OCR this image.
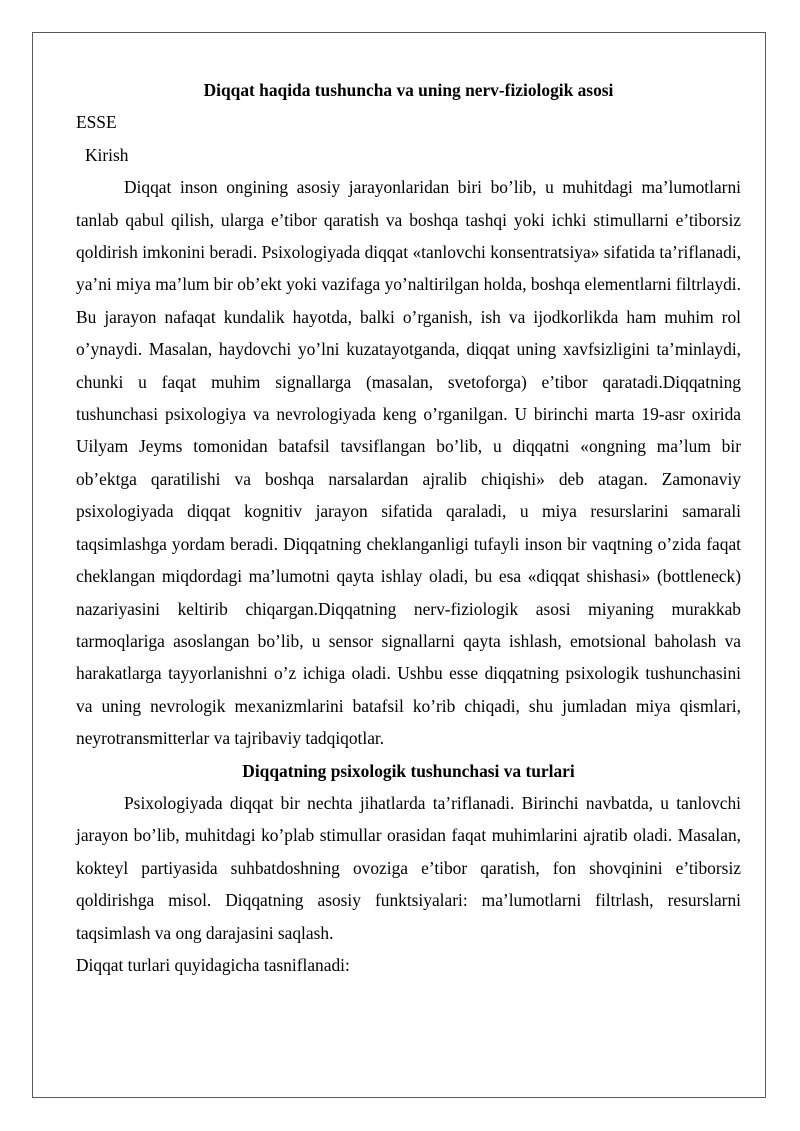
Diqqat haqida tushuncha va uning nerv-fiziologik asosi

ESSE

Kirish

Diqqat inson ongining asosiy jarayonlaridan biri bo’lib, u muhitdagi ma’lumotlarni tanlab qabul qilish, ularga e’tibor qaratish va boshqa tashqi yoki ichki stimullarni e’tiborsiz qoldirish imkonini beradi. Psixologiyada diqqat «tanlovchi konsentratsiya» sifatida ta’riflanadi, ya’ni miya ma’lum bir ob’ekt yoki vazifaga yo’naltirilgan holda, boshqa elementlarni filtrlaydi. Bu jarayon nafaqat kundalik hayotda, balki o’rganish, ish va ijodkorlikda ham muhim rol o’ynaydi. Masalan, haydovchi yo’lni kuzatayotganda, diqqat uning xavfsizligini ta’minlaydi, chunki u faqat muhim signallarga (masalan, svetoforga) e’tibor qaratadi.Diqqatning tushunchasi psixologiya va nevrologiyada keng o’rganilgan. U birinchi marta 19-asr oxirida Uilyam Jeyms tomonidan batafsil tavsiflangan bo’lib, u diqqatni «ongning ma’lum bir ob’ektga qaratilishi va boshqa narsalardan ajralib chiqishi» deb atagan. Zamonaviy psixologiyada diqqat kognitiv jarayon sifatida qaraladi, u miya resurslarini samarali taqsimlashga yordam beradi. Diqqatning cheklanganligi tufayli inson bir vaqtning o’zida faqat cheklangan miqdordagi ma’lumotni qayta ishlay oladi, bu esa «diqqat shishasi» (bottleneck) nazariyasini keltirib chiqargan.Diqqatning nerv-fiziologik asosi miyaning murakkab tarmoqlariga asoslangan bo’lib, u sensor signallarni qayta ishlash, emotsional baholash va harakatlarga tayyorlanishni o’z ichiga oladi. Ushbu esse diqqatning psixologik tushunchasini va uning nevrologik mexanizmlarini batafsil ko’rib chiqadi, shu jumladan miya qismlari, neyrotransmitterlar va tajribaviy tadqiqotlar.

Diqqatning psixologik tushunchasi va turlari

Psixologiyada diqqat bir nechta jihatlarda ta’riflanadi. Birinchi navbatda, u tanlovchi jarayon bo’lib, muhitdagi ko’plab stimullar orasidan faqat muhimlarini ajratib oladi. Masalan, kokteyl partiyasida suhbatdoshning ovoziga e’tibor qaratish, fon shovqinini e’tiborsiz qoldirishga misol. Diqqatning asosiy funktsiyalari: ma’lumotlarni filtrlash, resurslarni taqsimlash va ong darajasini saqlash.

Diqqat turlari quyidagicha tasniflanadi:
